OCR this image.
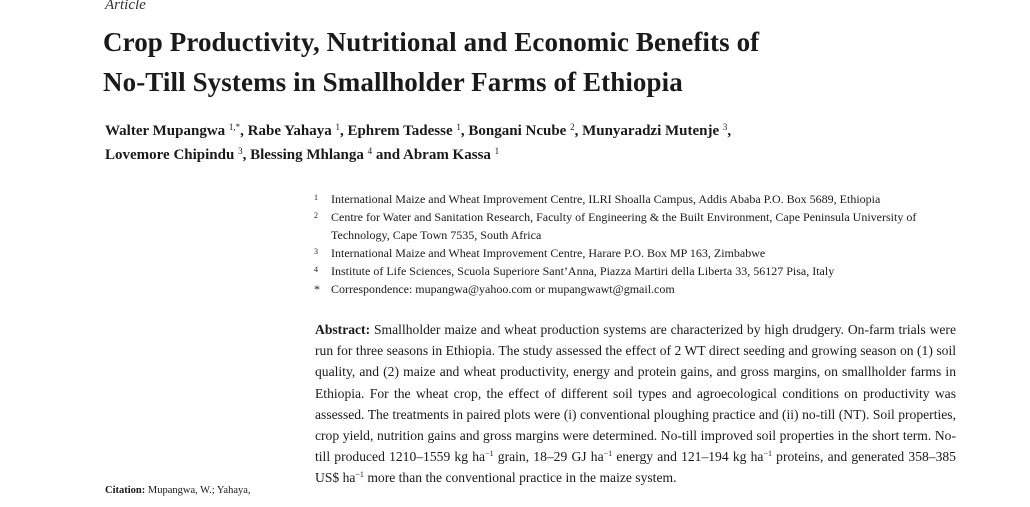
Article
Crop Productivity, Nutritional and Economic Benefits of
No-Till Systems in Smallholder Farms of Ethiopia
Walter Mupangwa $^{1,*}$, Rabe Yahaya $^1$, Ephrem Tadesse $^1$, Bongani Ncube $^2$, Munyaradzi Mutenje $^3$,
Lovemore Chipindu $^3$, Blessing Mhlanga $^4$ and Abram Kassa $^1$
1 International Maize and Wheat Improvement Centre, ILRI Shoalla Campus, Addis Ababa P.O. Box 5689, Ethiopia
2 Centre for Water and Sanitation Research, Faculty of Engineering & the Built Environment, Cape Peninsula University of Technology, Cape Town 7535, South Africa
3 International Maize and Wheat Improvement Centre, Harare P.O. Box MP 163, Zimbabwe
4 Institute of Life Sciences, Scuola Superiore Sant’Anna, Piazza Martiri della Liberta 33, 56127 Pisa, Italy
* Correspondence: mupangwa@yahoo.com or mupangwawt@gmail.com

Abstract: Smallholder maize and wheat production systems are characterized by high drudgery. On-farm trials were run for three seasons in Ethiopia. The study assessed the effect of 2 WT direct seeding and growing season on (1) soil quality, and (2) maize and wheat productivity, energy and protein gains, and gross margins, on smallholder farms in Ethiopia. For the wheat crop, the effect of different soil types and agroecological conditions on productivity was assessed. The treatments in paired plots were (i) conventional ploughing practice and (ii) no-till (NT). Soil properties, crop yield, nutrition gains and gross margins were determined. No-till improved soil properties in the short term. No-till produced 1210–1559 kg $ha^{-1}$ grain, 18–29 GJ $ha^{-1}$ energy and 121–194 kg $ha^{-1}$ proteins, and generated 358–385 US$ $ha^{-1}$ more than the conventional practice in the maize system.

Citation: Mupangwa, W.; Yahaya,
